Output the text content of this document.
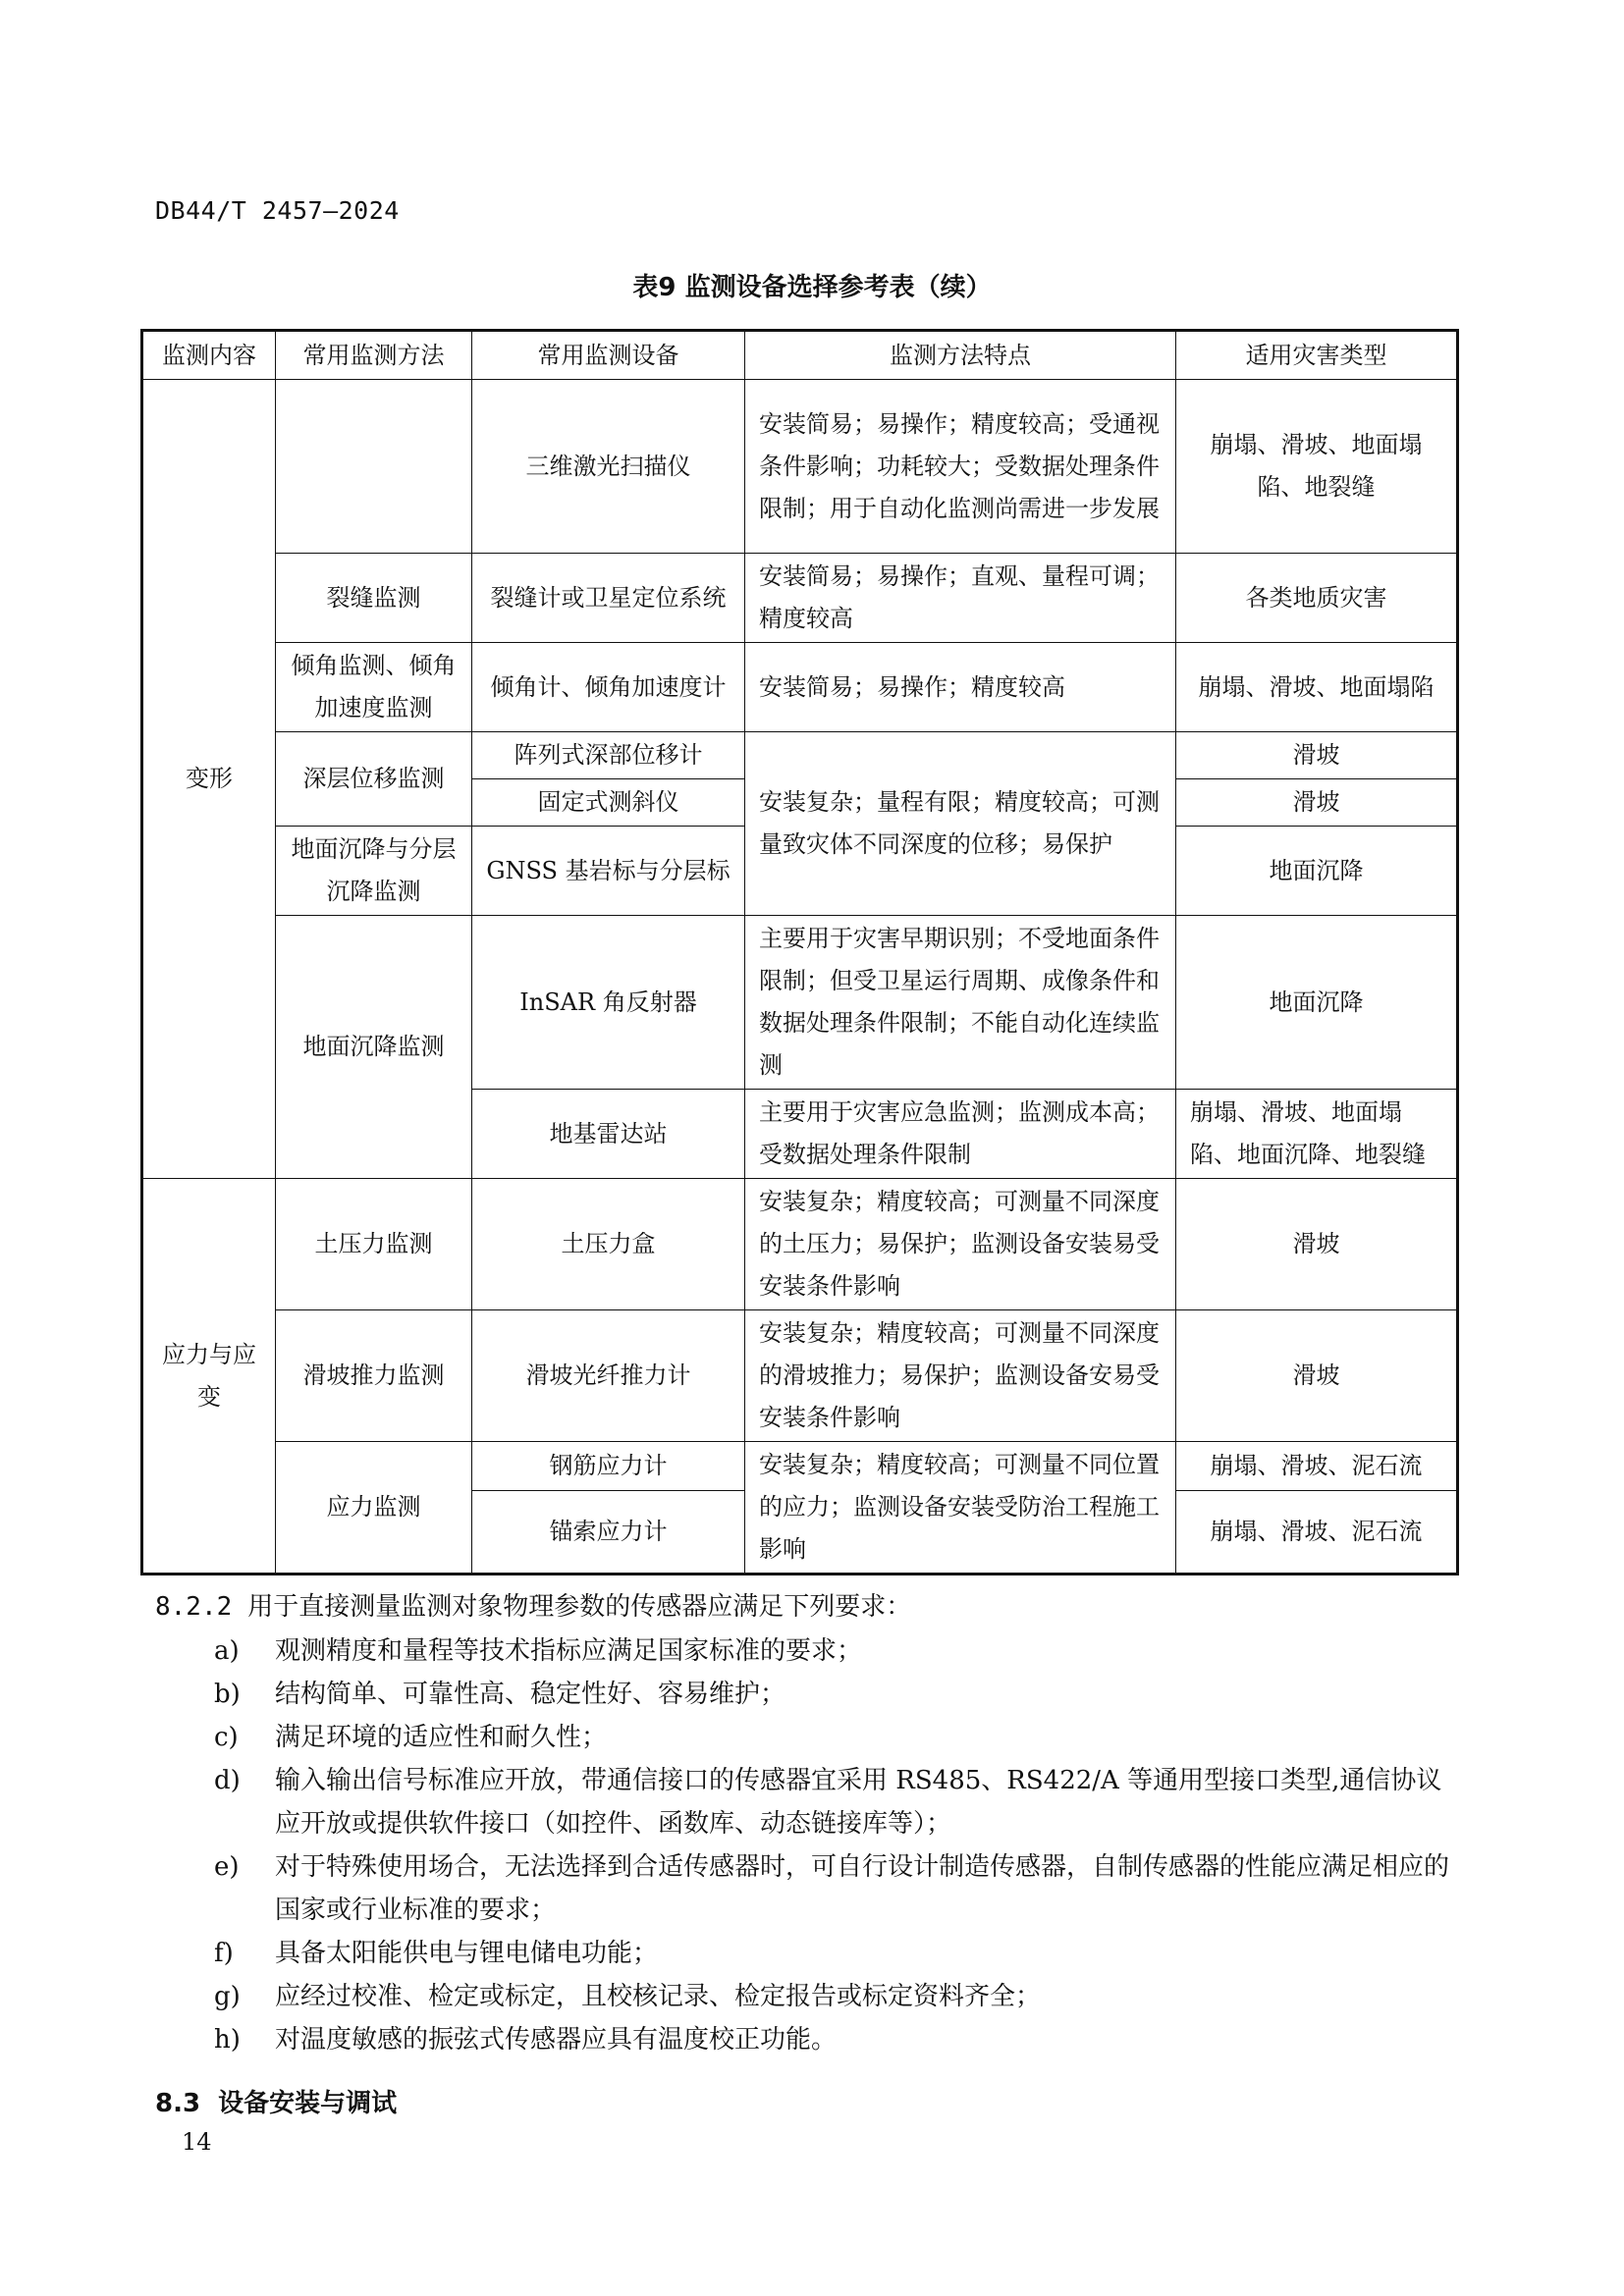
DB44/T 2457—2024
表9 监测设备选择参考表（续）
监测内容	常用监测方法	常用监测设备	监测方法特点	适用灾害类型
变形		三维激光扫描仪	安装简易；易操作；精度较高；受通视条件影响；功耗较大；受数据处理条件限制；用于自动化监测尚需进一步发展	崩塌、滑坡、地面塌陷、地裂缝
	裂缝监测	裂缝计或卫星定位系统	安装简易；易操作；直观、量程可调；精度较高	各类地质灾害
	倾角监测、倾角加速度监测	倾角计、倾角加速度计	安装简易；易操作；精度较高	崩塌、滑坡、地面塌陷
	深层位移监测	阵列式深部位移计	安装复杂；量程有限；精度较高；可测量致灾体不同深度的位移；易保护	滑坡
		固定式测斜仪		滑坡
	地面沉降与分层沉降监测	GNSS 基岩标与分层标		地面沉降
	地面沉降监测	InSAR 角反射器	主要用于灾害早期识别；不受地面条件限制；但受卫星运行周期、成像条件和数据处理条件限制；不能自动化连续监测	地面沉降
		地基雷达站	主要用于灾害应急监测；监测成本高；受数据处理条件限制	崩塌、滑坡、地面塌陷、地面沉降、地裂缝
应力与应变	土压力监测	土压力盒	安装复杂；精度较高；可测量不同深度的土压力；易保护；监测设备安装易受安装条件影响	滑坡
	滑坡推力监测	滑坡光纤推力计	安装复杂；精度较高；可测量不同深度的滑坡推力；易保护；监测设备安易受安装条件影响	滑坡
	应力监测	钢筋应力计	安装复杂；精度较高；可测量不同位置的应力；监测设备安装受防治工程施工影响	崩塌、滑坡、泥石流
		锚索应力计		崩塌、滑坡、泥石流
8.2.2 用于直接测量监测对象物理参数的传感器应满足下列要求：
a)	观测精度和量程等技术指标应满足国家标准的要求；
b)	结构简单、可靠性高、稳定性好、容易维护；
c)	满足环境的适应性和耐久性；
d)	输入输出信号标准应开放，带通信接口的传感器宜采用 RS485、RS422/A 等通用型接口类型,通信协议应开放或提供软件接口（如控件、函数库、动态链接库等）；
e)	对于特殊使用场合，无法选择到合适传感器时，可自行设计制造传感器，自制传感器的性能应满足相应的国家或行业标准的要求；
f)	具备太阳能供电与锂电储电功能；
g)	应经过校准、检定或标定，且校核记录、检定报告或标定资料齐全；
h)	对温度敏感的振弦式传感器应具有温度校正功能。
8.3 设备安装与调试
14
